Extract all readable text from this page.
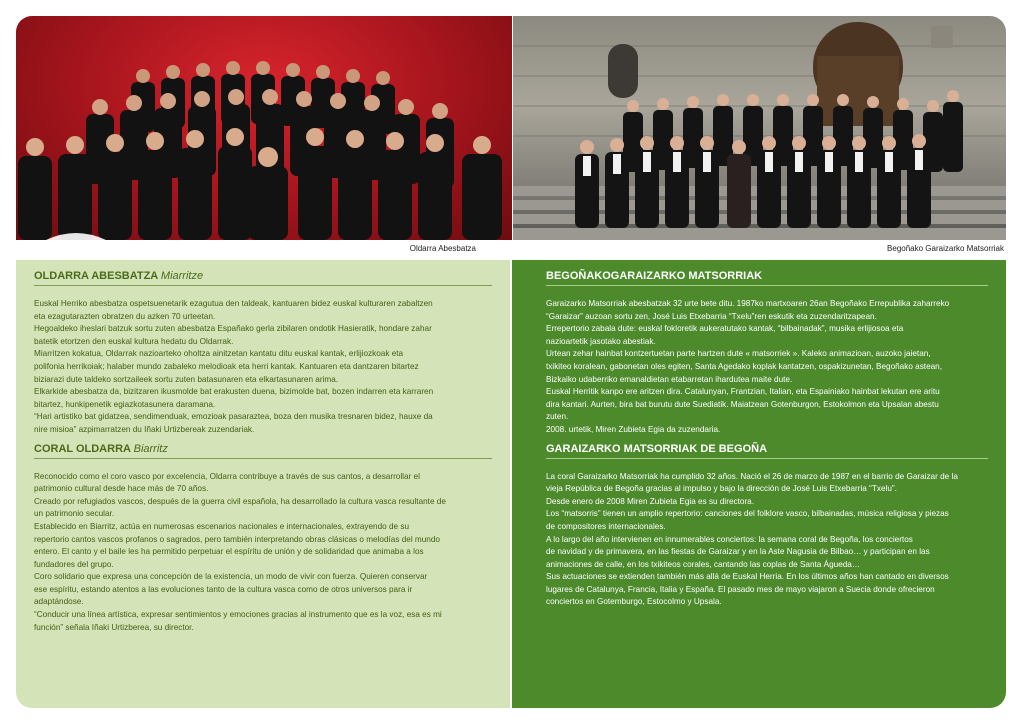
Oldarra Abesbatza	Begoñako Garaizarko Matsorriak
OLDARRA ABESBATZA Miarritze

Euskal Herriko abesbatza ospetsuenetarik ezagutua den taldeak, kantuaren bidez euskal kulturaren zabaltzen
eta ezagutarazten obratzen du azken 70 urteetan.
Hegoaldeko iheslari batzuk sortu zuten abesbatza Españako gerla zibilaren ondotik Hasieratik, hondare zahar
batetik etortzen den euskal kultura hedatu du Oldarrak.
Miarritzen kokatua, Oldarrak nazioarteko oholtza ainitzetan kantatu ditu euskal kantak, erlijiozkoak eta
polifonia herrikoiak; halaber mundo zabaleko melodioak eta herri kantak. Kantuaren eta dantzaren bitartez
biziarazi dute taldeko sortzaileek sortu zuten batasunaren eta elkartasunaren arima.
Elkarkide abesbatza da, bizitzaren ikusmolde bat erakusten duena, bizimolde bat, bozen indarren eta karraren
bitartez, hunkipenetik egiazkotasunera daramana.
“Hari artistiko bat gidatzea, sendimenduak, emozioak pasaraztea, boza den musika tresnaren bidez, hauxe da
nire misioa” azpimarratzen du Iñaki Urtizbereak zuzendariak.

CORAL OLDARRA Biarritz

Reconocido como el coro vasco por excelencia, Oldarra contribuye a través de sus cantos, a desarrollar el
patrimonio cultural desde hace más de 70 años.
Creado por refugiados vascos, después de la guerra civil española, ha desarrollado la cultura vasca resultante de
un patrimonio secular.
Establecido en Biarritz, actúa en numerosas escenarios nacionales e internacionales, extrayendo de su
repertorio cantos vascos profanos o sagrados, pero también interpretando obras clásicas o melodías del mundo
entero. El canto y el baile les ha permitido perpetuar el espíritu de unión y de solidaridad que animaba a los
fundadores del grupo.
Coro solidario que expresa una concepción de la existencia, un modo de vivir con fuerza. Quieren conservar
ese espíritu, estando atentos a las evoluciones tanto de la cultura vasca como de otros universos para ir
adaptándose.
“Conducir una línea artística, expresar sentimientos y emociones gracias al instrumento que es la voz, esa es mi
función” señala Iñaki Urtizberea, su director.

BEGOÑAKOGARAIZARKO MATSORRIAK

Garaizarko Matsorriak abesbatzak 32 urte bete ditu. 1987ko martxoaren 26an Begoñako Errepublika zaharreko
“Garaizar” auzoan sortu zen, José Luis Etxebarria “Txelu”ren eskutik eta zuzendaritzapean.
Errepertorio zabala dute: euskal fokloretik aukeratutako kantak, “bilbainadak”, musika erlijiosoa eta
nazioartetik jasotako abestiak.
Urtean zehar hainbat kontzertuetan parte hartzen dute « matsorriek ». Kaleko animazioan, auzoko jaietan,
txikiteo koralean, gabonetan oles egiten, Santa Agedako koplak kantatzen, ospakizunetan, Begoñako astean,
Bizkaiko udaberriko emanaldietan etabarretan ihardutea maite dute.
Euskal Herritik kanpo ere aritzen dira. Catalunyan, Frantzian, Italian, eta Espainiako hainbat lekutan ere aritu
dira kantari. Aurten, bira bat burutu dute Suediatik. Maiatzean Gotenburgon, Estokolmon eta Upsalan abestu
zuten.
2008. urtetik, Miren Zubieta Egia da zuzendaria.

GARAIZARKO MATSORRIAK DE BEGOÑA

La coral Garaizarko Matsorriak ha cumplido 32 años. Nació el 26 de marzo de 1987 en el barrio de Garaizar de la
vieja República de Begoña gracias al impulso y bajo la dirección de José Luis Etxebarria “Txelu”.
Desde enero de 2008 Miren Zubieta Egia es su directora.
Los “matsorris” tienen un amplio repertorio: canciones del folklore vasco, bilbainadas, música religiosa y piezas
de compositores internacionales.
A lo largo del año intervienen en innumerables conciertos: la semana coral de Begoña, los conciertos
de navidad y de primavera, en las fiestas de Garaizar y en la Aste Nagusia de Bilbao… y participan en las
animaciones de calle, en los txikiteos corales, cantando las coplas de Santa Águeda…
Sus actuaciones se extienden también más allá de Euskal Herria. En los últimos años han cantado en diversos
lugares de Catalunya, Francia, Italia y España. El pasado mes de mayo viajaron a Suecia donde ofrecieron
conciertos en Gotemburgo, Estocolmo y Upsala.
